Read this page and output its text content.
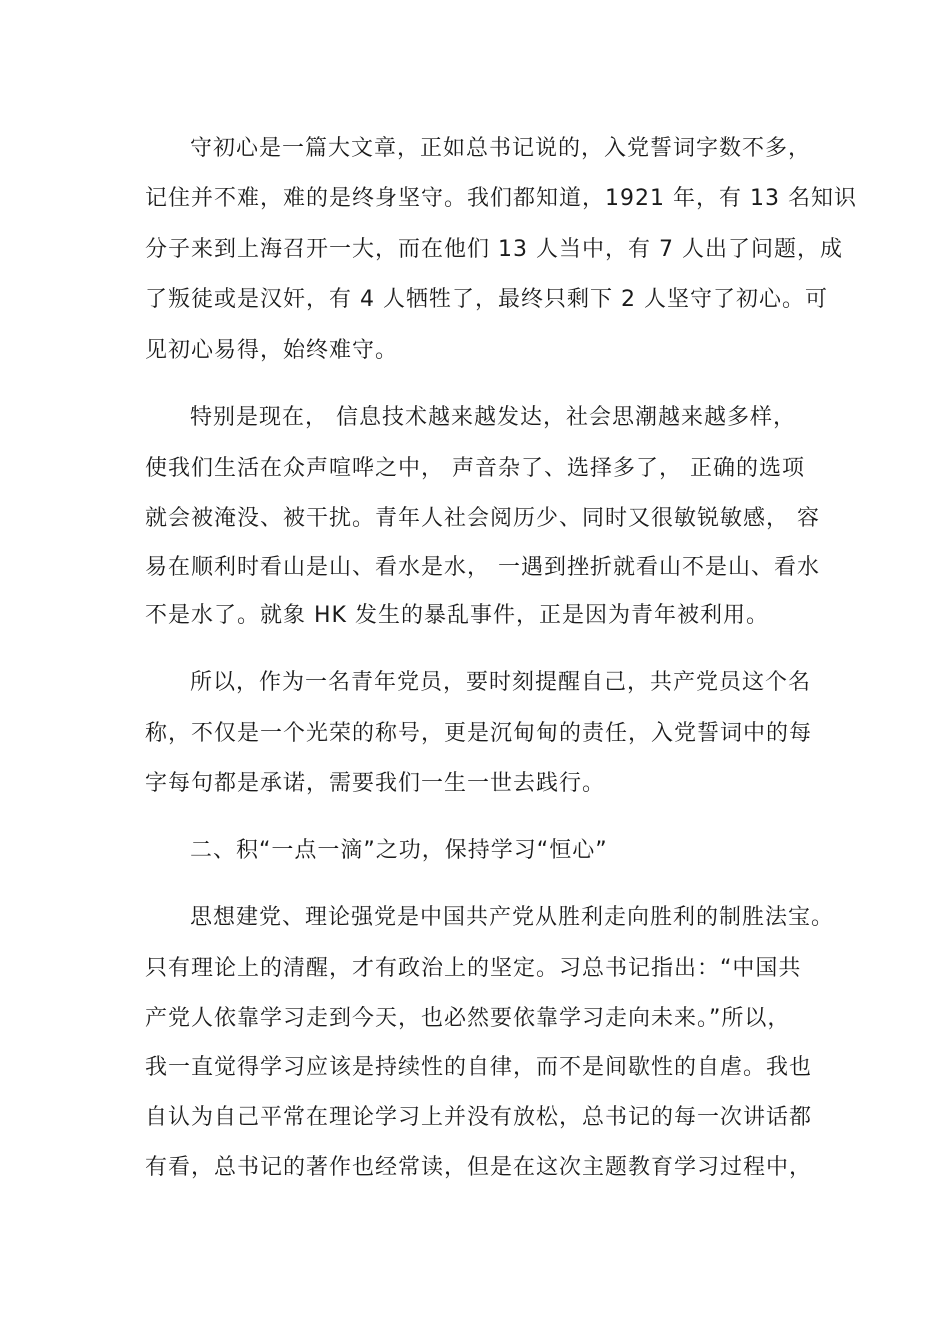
守初心是一篇大文章，正如总书记说的，入党誓词字数不多，
记住并不难，难的是终身坚守。我们都知道，1921 年，有 13 名知识
分子来到上海召开一大，而在他们 13 人当中，有 7 人出了问题，成
了叛徒或是汉奸，有 4 人牺牲了，最终只剩下 2 人坚守了初心。可
见初心易得，始终难守。
特别是现在， 信息技术越来越发达，社会思潮越来越多样，
使我们生活在众声喧哗之中， 声音杂了、选择多了， 正确的选项
就会被淹没、被干扰。青年人社会阅历少、同时又很敏锐敏感， 容
易在顺利时看山是山、看水是水， 一遇到挫折就看山不是山、看水
不是水了。就象 HK 发生的暴乱事件，正是因为青年被利用。
所以，作为一名青年党员，要时刻提醒自己，共产党员这个名
称，不仅是一个光荣的称号，更是沉甸甸的责任，入党誓词中的每
字每句都是承诺，需要我们一生一世去践行。
二、积“一点一滴”之功，保持学习“恒心”
思想建党、理论强党是中国共产党从胜利走向胜利的制胜法宝。
只有理论上的清醒，才有政治上的坚定。习总书记指出：“中国共
产党人依靠学习走到今天，也必然要依靠学习走向未来。”所以，
我一直觉得学习应该是持续性的自律，而不是间歇性的自虐。我也
自认为自己平常在理论学习上并没有放松，总书记的每一次讲话都
有看，总书记的著作也经常读，但是在这次主题教育学习过程中，
